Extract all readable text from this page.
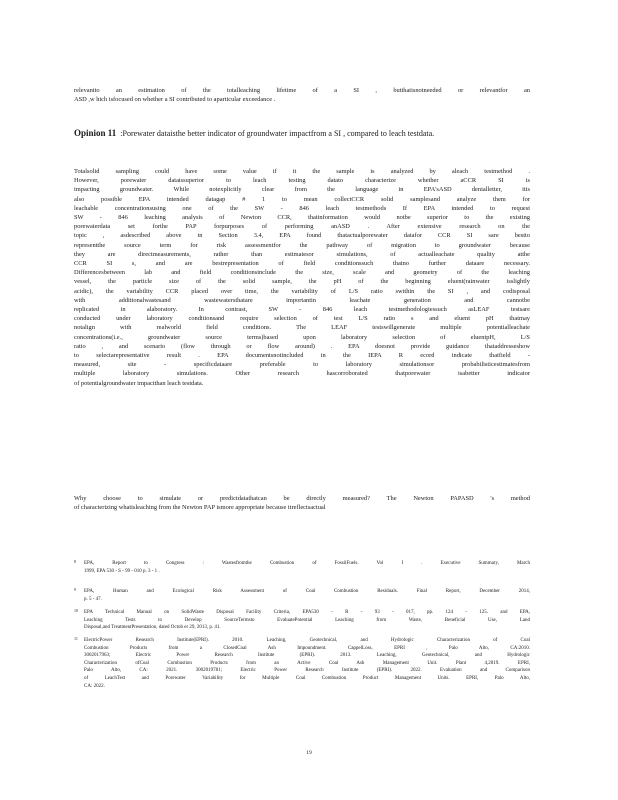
relevantto an estimation of the totalleaching lifetime of a SI , butthatisnotneeded or relevantfor an
ASD ,w hich isfocused on whether a SI contributed to aparticular exceedance .
Opinion 11 :Porewater dataisthe better indicator of groundwater impactfrom a SI , compared to leach testdata.
Totalsolid sampling could have some value if it the sample is analyzed by aleach testmethod .
However, porewater dataissuperior to leach testing datato characterize whether aCCR SI is
impacting groundwater. While notexplicitly clear from the language in EPA'sASD denialletter, itis
also possible EPA intended datagap # 1 to mean collectCCR solid samplesand analyze them for
leachable concentrationsusing one of the SW - 846 leach testmethods If EPA intended to request
SW - 846 leaching analysis of Newton CCR, thatinformation would notbe superior to the existing
porewaterdata set forthe PAP forpurposes of performing anASD . After extensive research on the
topic , asdescribed above in Section 3.4, EPA found thatactualporewater datafor CCR SI sare bestto
representthe source term for risk assessmentfor the pathway of migration to groundwater because
they are directmeasurements, rather than estimatesor simulations, of actualleachate quality atthe
CCR SI s, and are bestrepresentation of field conditionssuch thatno further dataare necessary.
Differencesbetween lab and field conditionsinclude the size, scale and geometry of the leaching
vessel, the particle size of the solid sample, the pH of the beginning eluent(rainwater isslightly
acidic), the variability CCR placed over time, the variability of L/S ratio swithin the SI , and codisposal
with additionalwastesand wastewatersthatare importantin leachate generation and cannotbe
replicated in alaboratory. In contrast, SW - 846 leach testmethodologiessuch asLEAF testsare
conducted under laboratory conditionsand require selection of test L/S ratio s and eluent pH thatmay
notalign with realworld field conditions. The LEAF testswillgenerate multiple potentialleachate
concentrations(i.e., groundwater source terms)based upon laboratory selection of eluentpH, L/S
ratio , and scenario (flow through or flow around) . EPA doesnot provide guidance thataddresseshow
to selectarepresentative result . EPA documentsnotincluded in the IEPA R ecord indicate thatfield -
measured, site - specificdataare preferable to laboratory simulationsor probabilisticestimatesfrom
multiple laboratory simulations. Other research hascorroborated thatporewater isabetter indicator
of potentialgroundwater impactthan leach testdata.
Why choose to simulate or predictdatathatcan be directly measured? The Newton PAPASD 's method
of characterizing whatisleaching from the Newton PAP ismore appropriate because itreflectsactual
8 EPA, Report to Congress : Wastesfromthe Combustion of FossilFuels. Vol I . Executive Summary, March
1999, EPA 530 - S - 99 - 010 p. 3 - 1 .
9 EPA, Human and Ecological Risk Assessment of Coal Combustion Residuals. Final Report, December 2014,
p. 5 - 47.
10 EPA Technical Manual on SolidWaste Disposal Facility Criteria, EPA530 - R - 93 - 017, pp. 124 - 125. and EPA,
Leaching Tests to Develop SourceTermsto EvaluatePotential Leaching from Waste, Beneficial Use, Land
Disposal,and TreatmentPresentation, dated Octob er 29, 2013, p. 41.
11 ElectricPower Research Institute(EPRI). 2010. Leaching, Geotechnical, and Hydrologic Characterization of Coal
Combustion Products from a ClosedCoal Ash Impoundment. CappelLoss, EPRI , Palo Alto, CA:2010.
3002017963; Electric Power Research Institute (EPRI). 2013. Leaching, Geotechnical, and Hydrologic
Characterization ofCoal Combustion Products from an Active Coal Ash Management Unit. Plant 4,2019. EPRI,
Palo Alto, CA: 2021. 3002019781; Electric Power Research Institute (EPRI). 2022. Evaluation and Comparison
of LeachTest and Porewater Variability for Multiple Coal Combustion Product Management Units. EPRI, Palo Alto,
CA: 2022.
19
